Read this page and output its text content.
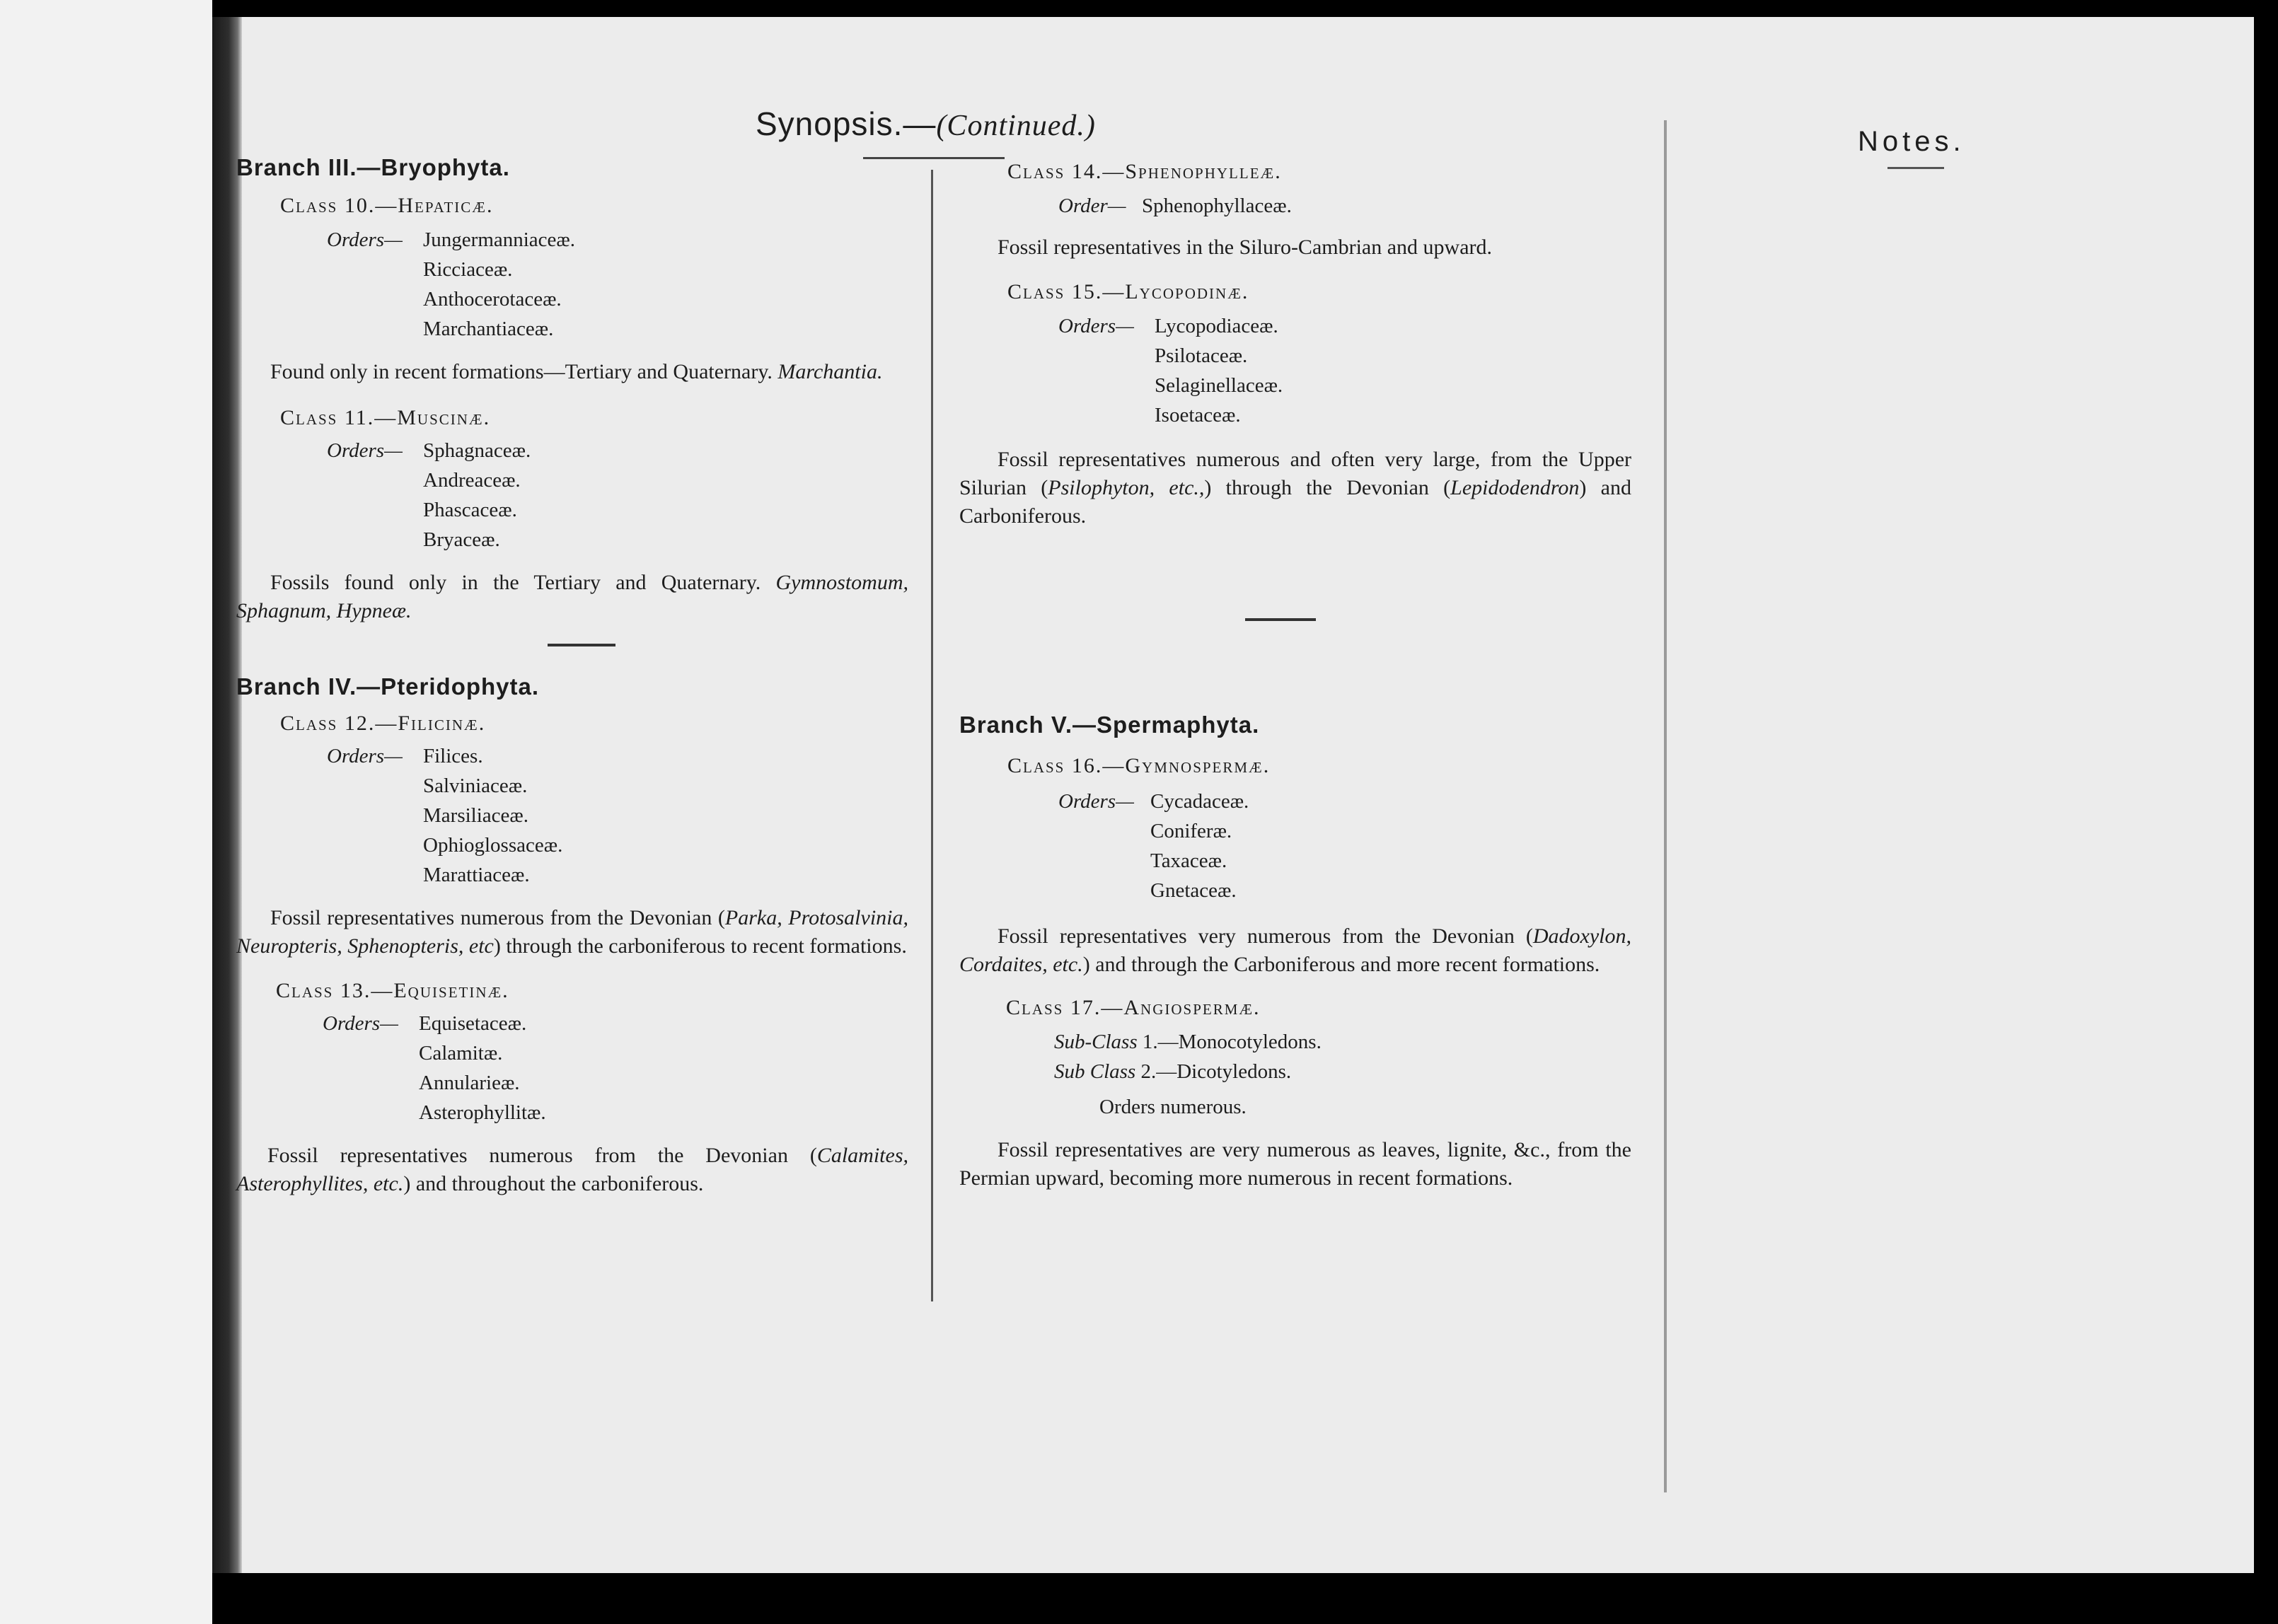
Synopsis.—(Continued.)	Notes.

Branch III.—Bryophyta.

Class 10.—Hepaticæ.

Orders— Jungermanniaceæ.
Ricciaceæ.
Anthocerotaceæ.
Marchantiaceæ.

Found only in recent formations—Tertiary and Quaternary. Marchantia.

Class 11.—Muscinæ.

Orders— Sphagnaceæ.
Andreaceæ.
Phascaceæ.
Bryaceæ.

Fossils found only in the Tertiary and Quaternary. Gymnostomum, Sphagnum, Hypneæ.

Branch IV.—Pteridophyta.

Class 12.—Filicinæ.

Orders— Filices.
Salviniaceæ.
Marsiliaceæ.
Ophioglossaceæ.
Marattiaceæ.

Fossil representatives numerous from the Devonian (Parka, Protosalvinia, Neuropteris, Sphenopteris, etc) through the carboniferous to recent formations.

Class 13.—Equisetinæ.

Orders— Equisetaceæ.
Calamitæ.
Annularieæ.
Asterophyllitæ.

Fossil representatives numerous from the Devonian (Calamites, Asterophyllites, etc.) and throughout the carboniferous.

Class 14.—Sphenophylleæ.

Order— Sphenophyllaceæ.

Fossil representatives in the Siluro-Cambrian and upward.

Class 15.—Lycopodinæ.

Orders— Lycopodiaceæ.
Psilotaceæ.
Selaginellaceæ.
Isoetaceæ.

Fossil representatives numerous and often very large, from the Upper Silurian (Psilophyton, etc.,) through the Devonian (Lepidodendron) and Carboniferous.

Branch V.—Spermaphyta.

Class 16.—Gymnospermæ.

Orders— Cycadaceæ.
Coniferæ.
Taxaceæ.
Gnetaceæ.

Fossil representatives very numerous from the Devonian (Dadoxylon, Cordaites, etc.) and through the Carboniferous and more recent formations.

Class 17.—Angiospermæ.

Sub-Class 1.—Monocotyledons.
Sub Class 2.—Dicotyledons.
Orders numerous.

Fossil representatives are very numerous as leaves, lignite, &c., from the Permian upward, becoming more numerous in recent formations.
